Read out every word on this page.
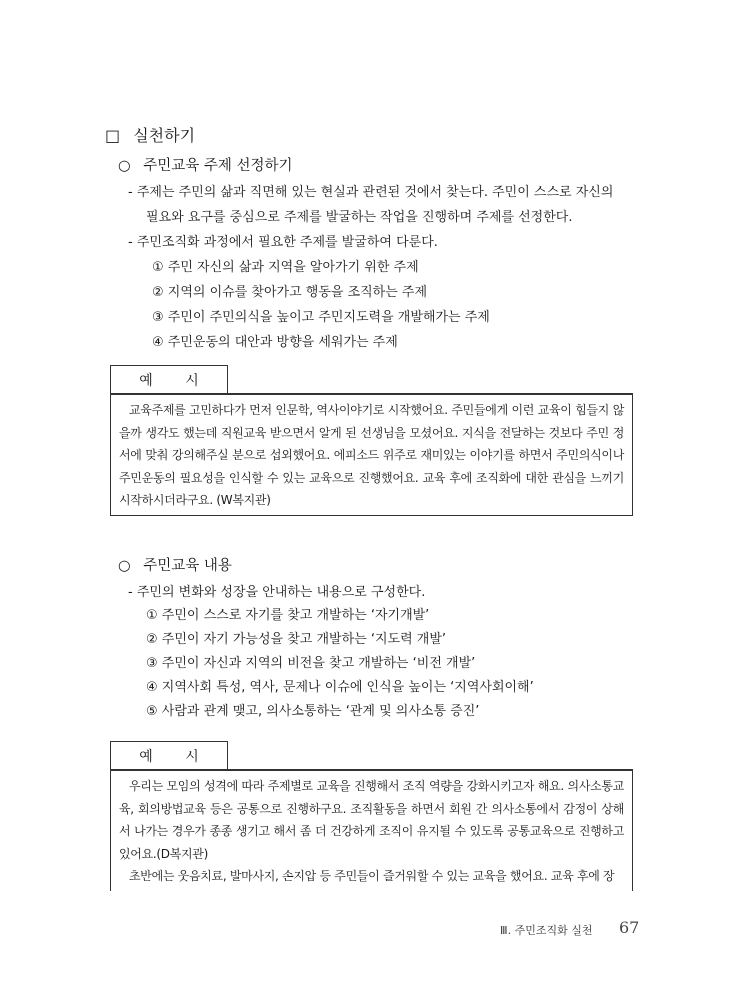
□ 실천하기
○ 주민교육 주제 선정하기
- 주제는 주민의 삶과 직면해 있는 현실과 관련된 것에서 찾는다. 주민이 스스로 자신의
필요와 요구를 중심으로 주제를 발굴하는 작업을 진행하며 주제를 선정한다.
- 주민조직화 과정에서 필요한 주제를 발굴하여 다룬다.
① 주민 자신의 삶과 지역을 알아가기 위한 주제
② 지역의 이슈를 찾아가고 행동을 조직하는 주제
③ 주민이 주민의식을 높이고 주민지도력을 개발해가는 주제
④ 주민운동의 대안과 방향을 세워가는 주제
예 시

교육주제를 고민하다가 먼저 인문학, 역사이야기로 시작했어요. 주민들에게 이런 교육이 힘들지 않을까 생각도 했는데 직원교육 받으면서 알게 된 선생님을 모셨어요. 지식을 전달하는 것보다 주민 정서에 맞춰 강의해주실 분으로 섭외했어요. 에피소드 위주로 재미있는 이야기를 하면서 주민의식이나 주민운동의 필요성을 인식할 수 있는 교육으로 진행했어요. 교육 후에 조직화에 대한 관심을 느끼기 시작하시더라구요. (W복지관)

○ 주민교육 내용
- 주민의 변화와 성장을 안내하는 내용으로 구성한다.
① 주민이 스스로 자기를 찾고 개발하는 ‘자기개발’
② 주민이 자기 가능성을 찾고 개발하는 ‘지도력 개발’
③ 주민이 자신과 지역의 비전을 찾고 개발하는 ‘비전 개발’
④ 지역사회 특성, 역사, 문제나 이슈에 인식을 높이는 ‘지역사회이해’
⑤ 사람과 관계 맺고, 의사소통하는 ‘관계 및 의사소통 증진’
예 시

우리는 모임의 성격에 따라 주제별로 교육을 진행해서 조직 역량을 강화시키고자 해요. 의사소통교육, 회의방법교육 등은 공통으로 진행하구요. 조직활동을 하면서 회원 간 의사소통에서 감정이 상해서 나가는 경우가 종종 생기고 해서 좀 더 건강하게 조직이 유지될 수 있도록 공통교육으로 진행하고 있어요.(D복지관)

초반에는 웃음치료, 발마사지, 손지압 등 주민들이 즐거워할 수 있는 교육을 했어요. 교육 후에 장

Ⅲ. 주민조직화 실천 67
